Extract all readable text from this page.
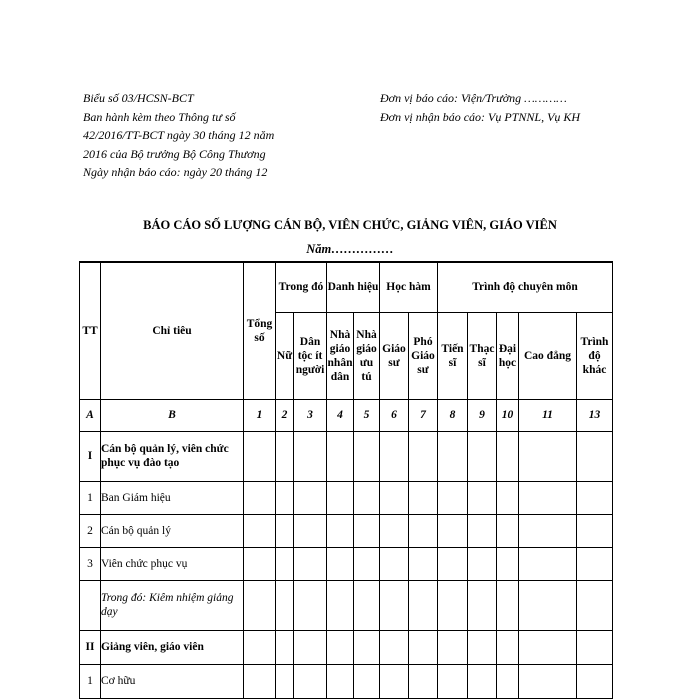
Biểu số 03/HCSN-BCT
Ban hành kèm theo Thông tư số
42/2016/TT-BCT ngày 30 tháng 12 năm
2016 của Bộ trưởng Bộ Công Thương
Ngày nhận báo cáo: ngày 20 tháng 12
Đơn vị báo cáo: Viện/Trường …………
Đơn vị nhận báo cáo: Vụ PTNNL, Vụ KH
BÁO CÁO SỐ LƯỢNG CÁN BỘ, VIÊN CHỨC, GIẢNG VIÊN, GIÁO VIÊN
Năm……………
TT	Chỉ tiêu	Tổng số	Trong đó		Danh hiệu		Học hàm		Trình độ chuyên môn				
			Nữ	Dân tộc ít người	Nhà giáo nhân dân	Nhà giáo ưu tú	Giáo sư	Phó Giáo sư	Tiến sĩ	Thạc sĩ	Đại học	Cao đẳng	Trình độ khác
A	B	1	2	3	4	5	6	7	8	9	10	11	13
I	Cán bộ quản lý, viên chức phục vụ đào tạo												
1	Ban Giám hiệu												
2	Cán bộ quản lý												
3	Viên chức phục vụ												
	Trong đó: Kiêm nhiệm giảng dạy												
II	Giảng viên, giáo viên												
1	Cơ hữu												
